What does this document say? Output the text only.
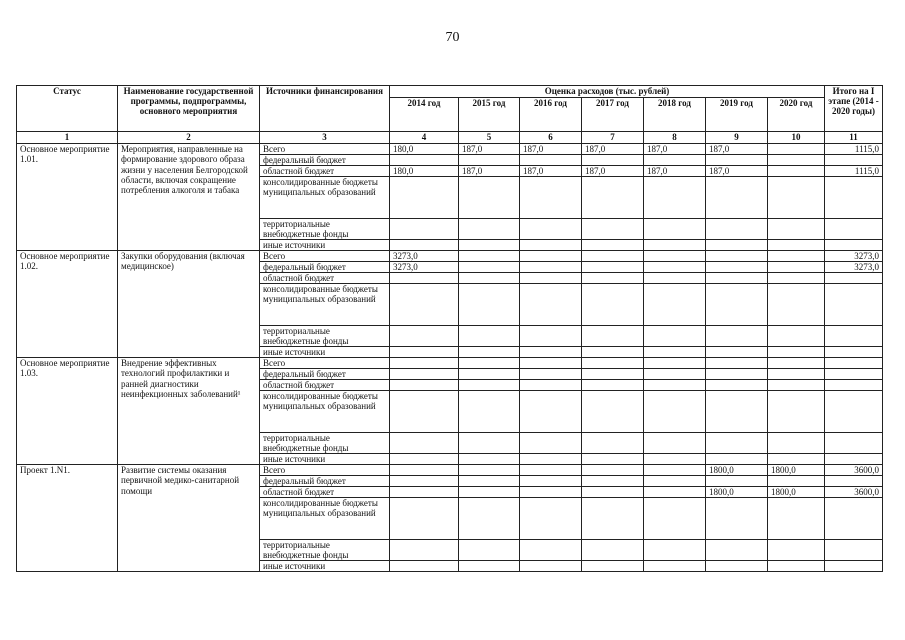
70
Статус	Наименование государственной программы, подпрограммы, основного мероприятия	Источники финансирования	Оценка расходов (тыс. рублей)							Итого на I этапе (2014 - 2020 годы)
			2014 год	2015 год	2016 год	2017 год	2018 год	2019 год	2020 год	
1	2	3	4	5	6	7	8	9	10	11
Основное мероприятие 1.01.	Мероприятия, направленные на формирование здорового образа жизни у населения Белгородской области, включая сокращение потребления алкоголя и табака	Всего	180,0	187,0	187,0	187,0	187,0	187,0		1115,0
		федеральный бюджет								
		областной бюджет	180,0	187,0	187,0	187,0	187,0	187,0		1115,0
		консолидированные бюджеты муниципальных образований								
		территориальные внебюджетные фонды								
		иные источники								
Основное мероприятие 1.02.	Закупки оборудования (включая медицинское)	Всего	3273,0							3273,0
		федеральный бюджет	3273,0							3273,0
		областной бюджет								
		консолидированные бюджеты муниципальных образований								
		территориальные внебюджетные фонды								
		иные источники								
Основное мероприятие 1.03.	Внедрение эффективных технологий профилактики и ранней диагностики неинфекционных заболеваний¹	Всего								
		федеральный бюджет								
		областной бюджет								
		консолидированные бюджеты муниципальных образований								
		территориальные внебюджетные фонды								
		иные источники								
Проект 1.N1.	Развитие системы оказания первичной медико-санитарной помощи	Всего						1800,0	1800,0	3600,0
		федеральный бюджет								
		областной бюджет						1800,0	1800,0	3600,0
		консолидированные бюджеты муниципальных образований								
		территориальные внебюджетные фонды								
		иные источники								
